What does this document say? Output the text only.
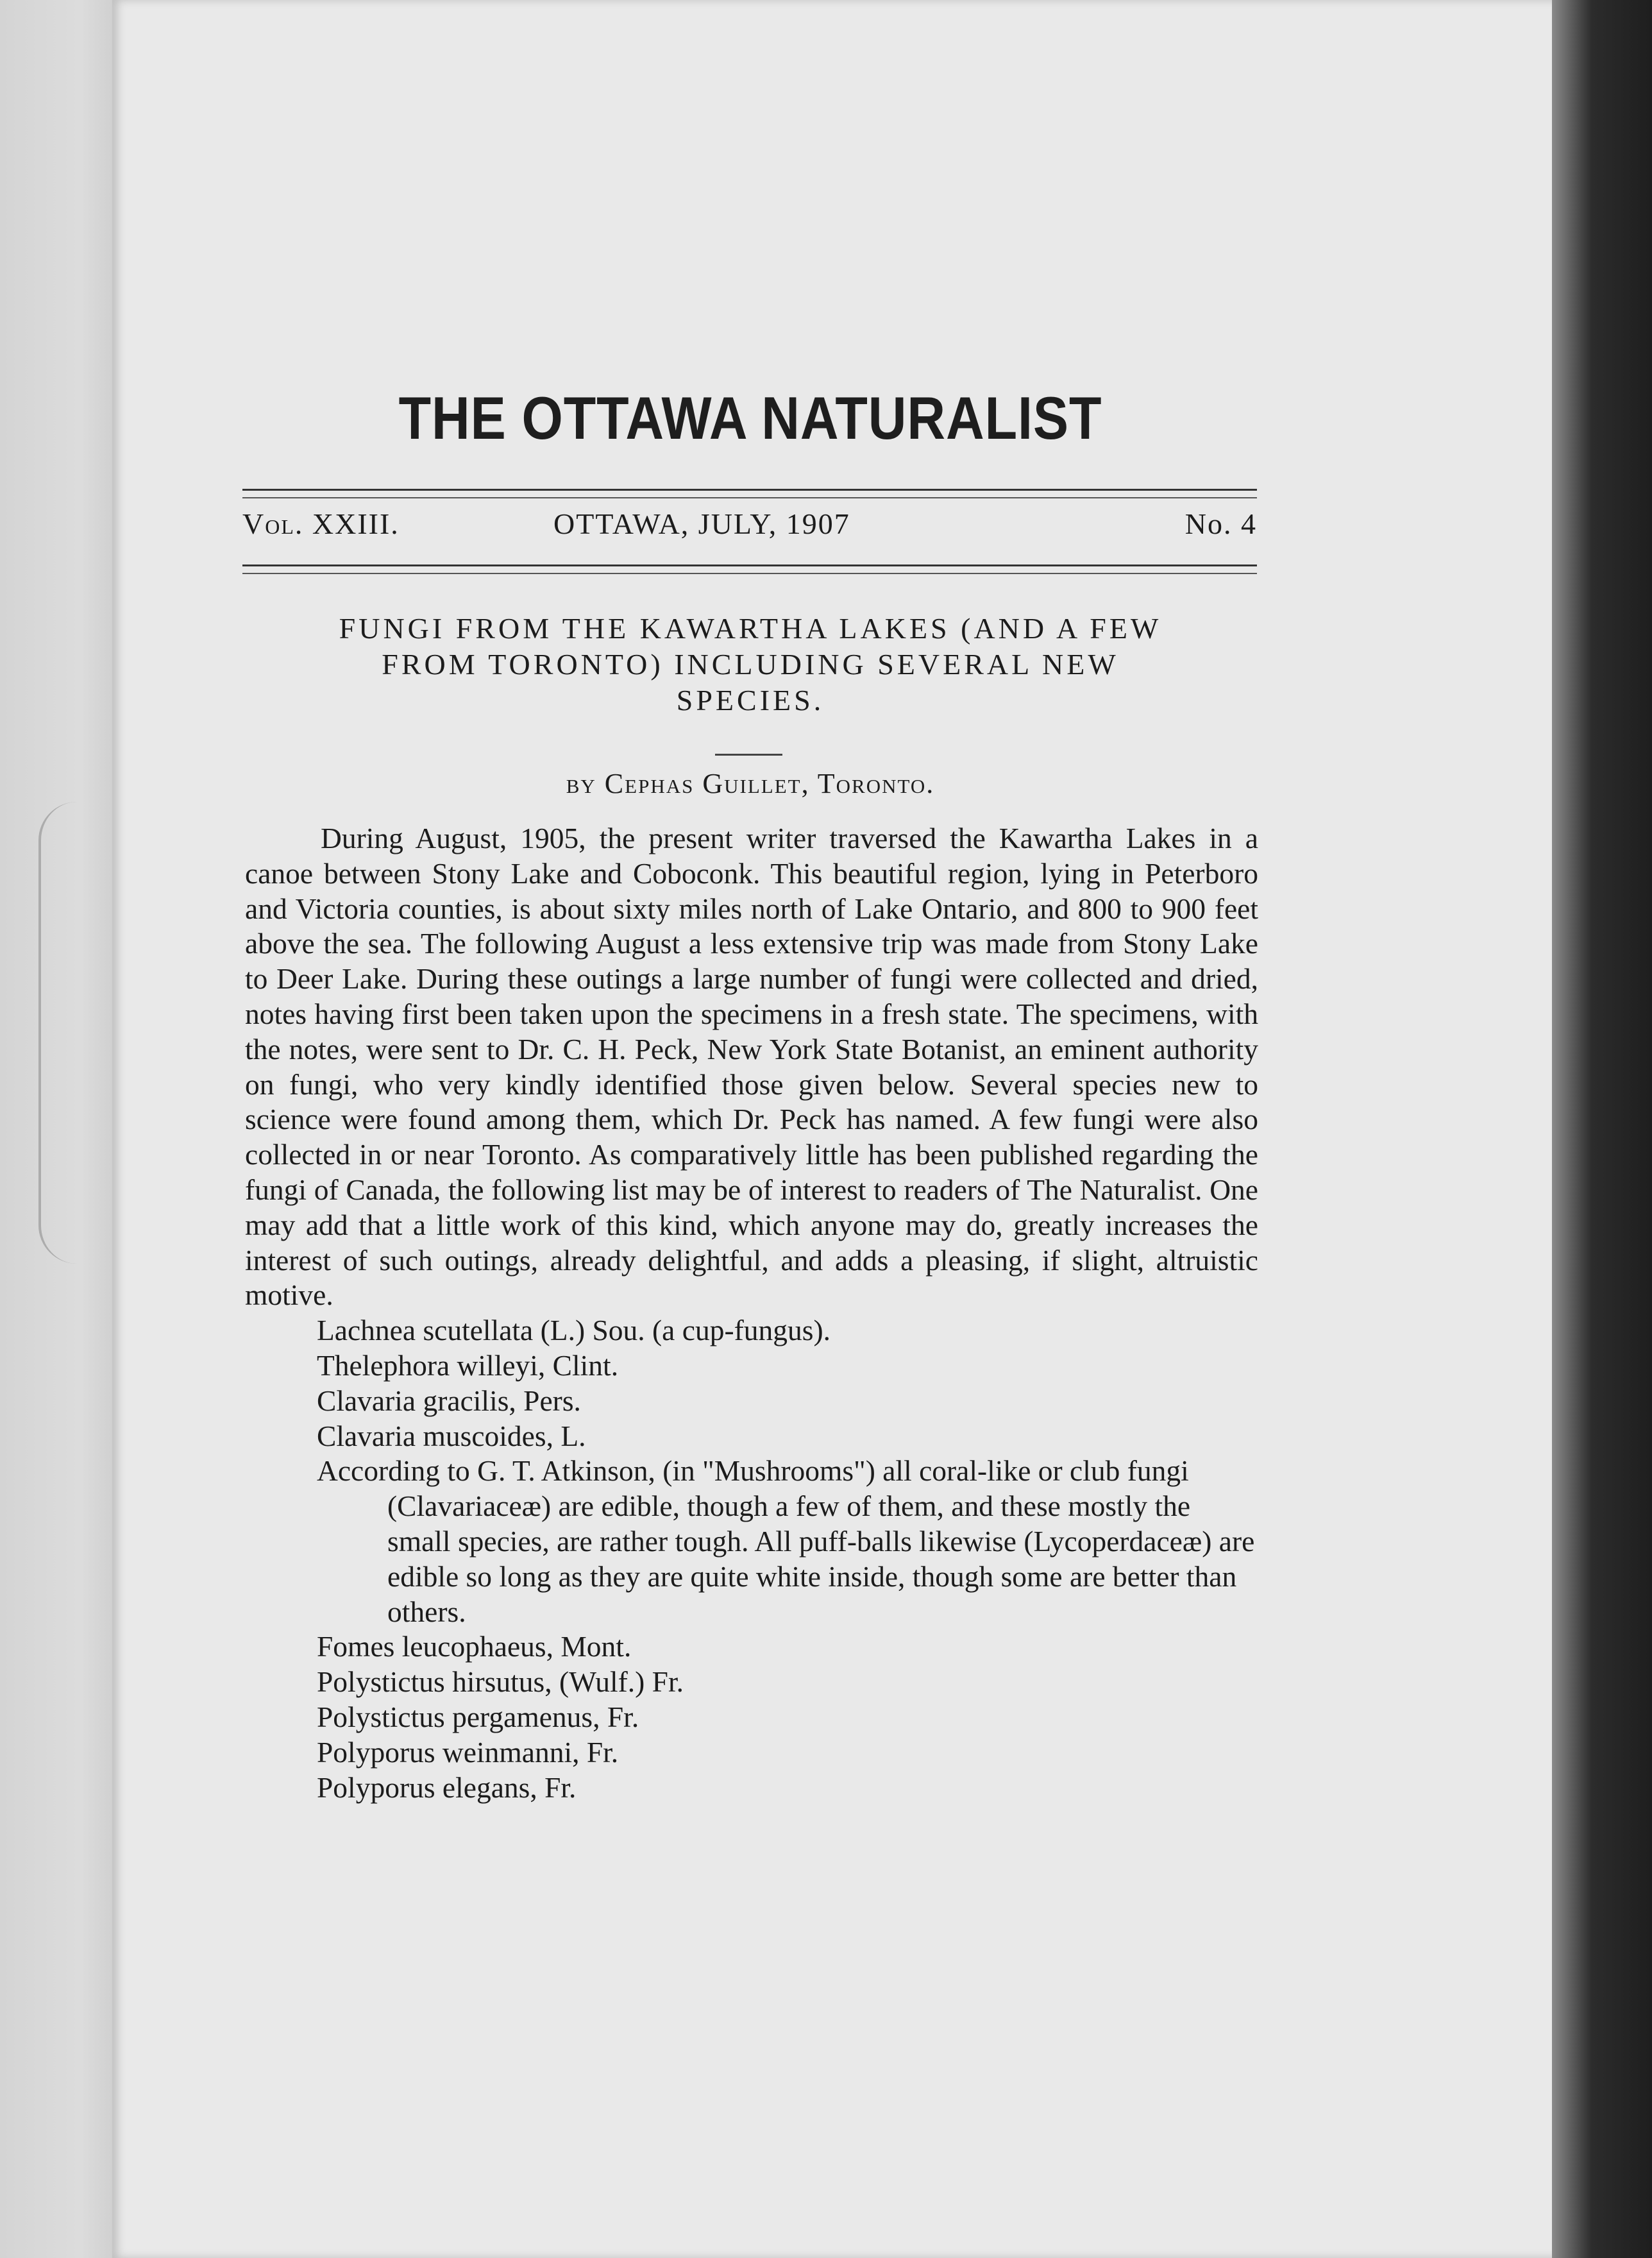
THE OTTAWA NATURALIST
Vol. XXIII.	OTTAWA, JULY, 1907	No. 4
FUNGI FROM THE KAWARTHA LAKES (AND A FEW
FROM TORONTO) INCLUDING SEVERAL NEW
SPECIES.
by Cephas Guillet, Toronto.

During August, 1905, the present writer traversed the Kawartha Lakes in a canoe between Stony Lake and Coboconk. This beautiful region, lying in Peterboro and Victoria counties, is about sixty miles north of Lake Ontario, and 800 to 900 feet above the sea. The following August a less extensive trip was made from Stony Lake to Deer Lake. During these outings a large number of fungi were collected and dried, notes having first been taken upon the specimens in a fresh state. The specimens, with the notes, were sent to Dr. C. H. Peck, New York State Botanist, an eminent authority on fungi, who very kindly identified those given below. Several species new to science were found among them, which Dr. Peck has named. A few fungi were also collected in or near Toronto. As comparatively little has been published regarding the fungi of Canada, the following list may be of interest to readers of The Naturalist. One may add that a little work of this kind, which anyone may do, greatly increases the interest of such outings, already delightful, and adds a pleasing, if slight, altruistic motive.

Lachnea scutellata (L.) Sou. (a cup-fungus).
Thelephora willeyi, Clint.
Clavaria gracilis, Pers.
Clavaria muscoides, L.
According to G. T. Atkinson, (in "Mushrooms") all coral-like or club fungi (Clavariaceæ) are edible, though a few of them, and these mostly the small species, are rather tough. All puff-balls likewise (Lycoperdaceæ) are edible so long as they are quite white inside, though some are better than others.
Fomes leucophaeus, Mont.
Polystictus hirsutus, (Wulf.) Fr.
Polystictus pergamenus, Fr.
Polyporus weinmanni, Fr.
Polyporus elegans, Fr.
